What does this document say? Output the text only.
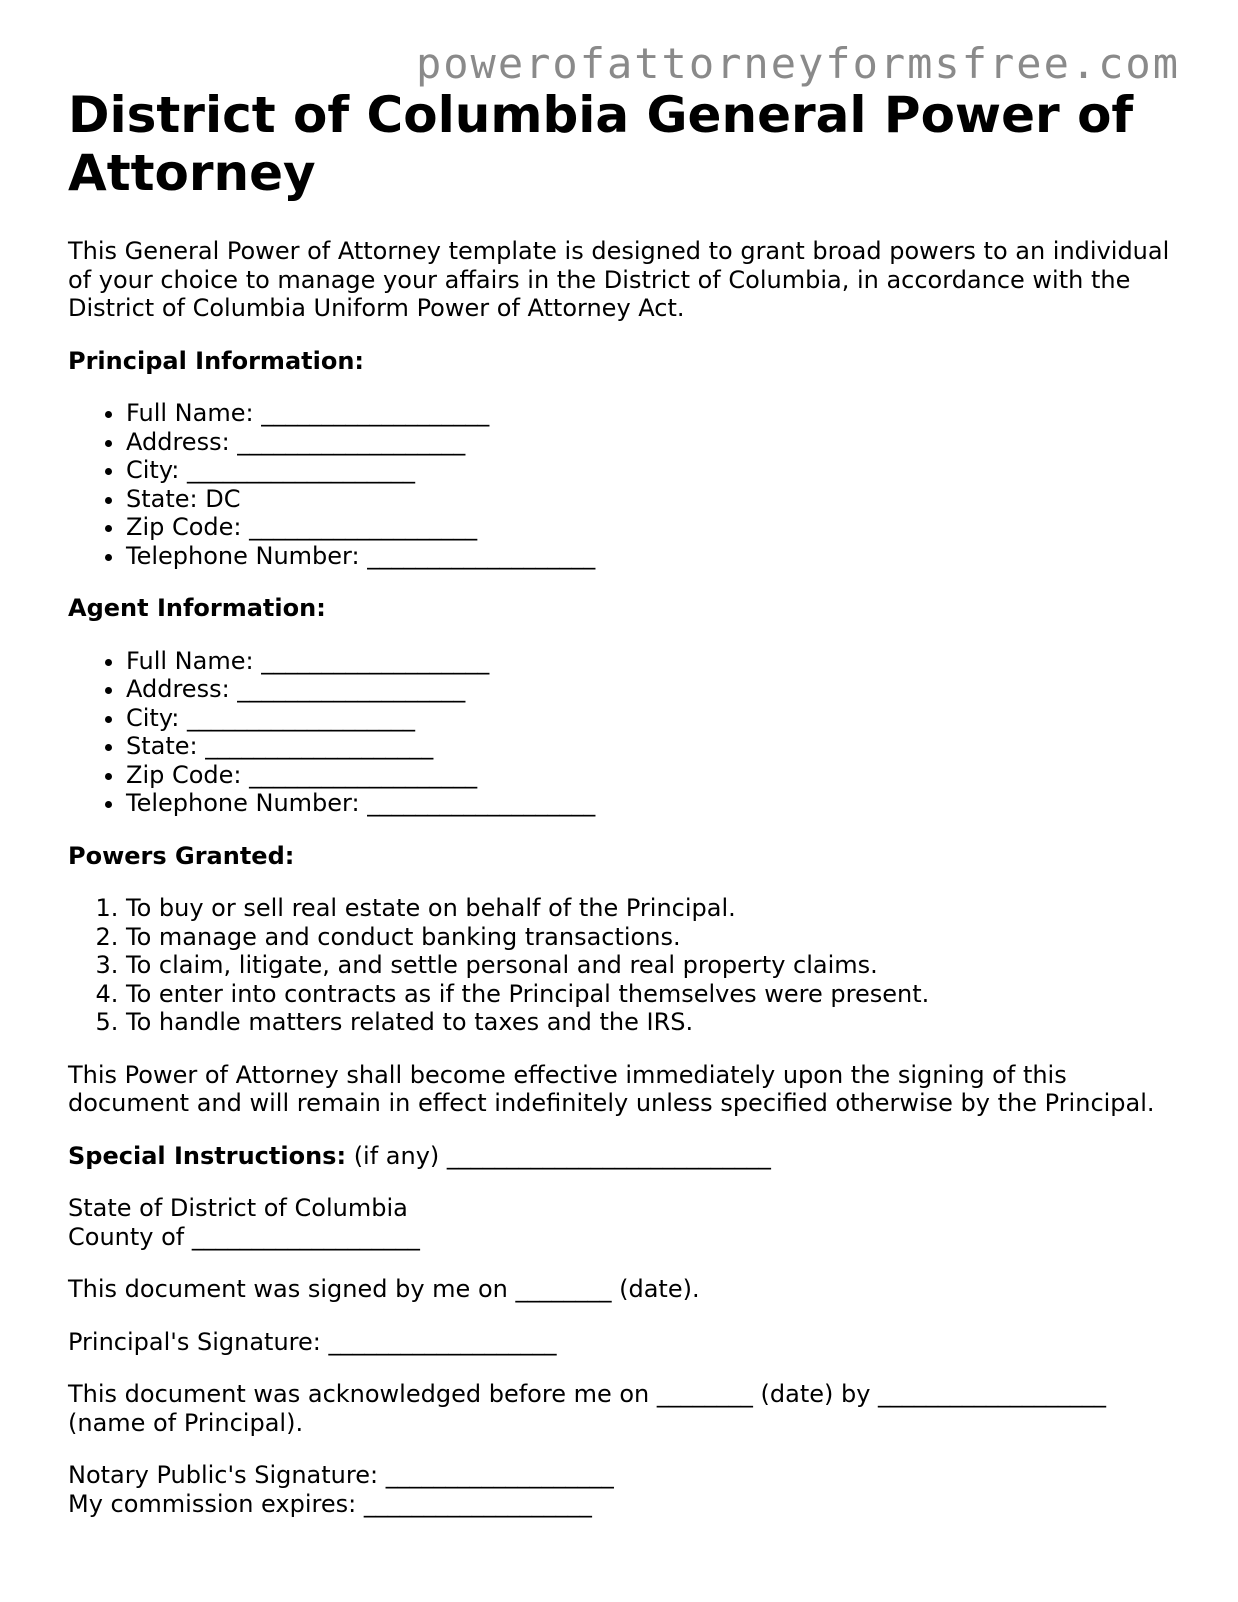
powerofattorneyformsfree.com
District of Columbia General Power of Attorney

This General Power of Attorney template is designed to grant broad powers to an individual of your choice to manage your affairs in the District of Columbia, in accordance with the District of Columbia Uniform Power of Attorney Act.

Principal Information:

• Full Name: ___________________
• Address: ___________________
• City: ___________________
• State: DC
• Zip Code: ___________________
• Telephone Number: ___________________

Agent Information:

• Full Name: ___________________
• Address: ___________________
• City: ___________________
• State: ___________________
• Zip Code: ___________________
• Telephone Number: ___________________

Powers Granted:

1. To buy or sell real estate on behalf of the Principal.
2. To manage and conduct banking transactions.
3. To claim, litigate, and settle personal and real property claims.
4. To enter into contracts as if the Principal themselves were present.
5. To handle matters related to taxes and the IRS.

This Power of Attorney shall become effective immediately upon the signing of this document and will remain in effect indefinitely unless specified otherwise by the Principal.

Special Instructions: (if any) ___________________________

State of District of Columbia

County of ___________________

This document was signed by me on ________ (date).

Principal's Signature: ___________________

This document was acknowledged before me on ________ (date) by ___________________ (name of Principal).

Notary Public's Signature: ___________________

My commission expires: ___________________
